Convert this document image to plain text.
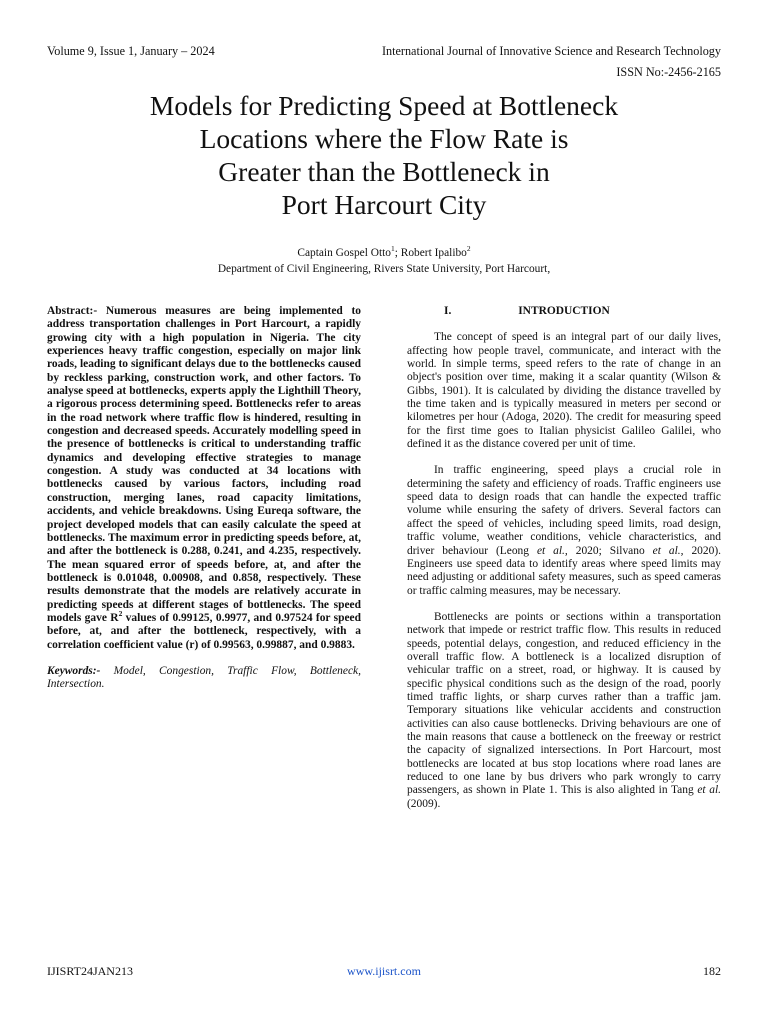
Volume 9, Issue 1, January – 2024	International Journal of Innovative Science and Research Technology
ISSN No:-2456-2165
Models for Predicting Speed at Bottleneck
Locations where the Flow Rate is
Greater than the Bottleneck in
Port Harcourt City
Captain Gospel Otto$^1$; Robert Ipalibo$^2$
Department of Civil Engineering, Rivers State University, Port Harcourt,

Abstract:- Numerous measures are being implemented to address transportation challenges in Port Harcourt, a rapidly growing city with a high population in Nigeria. The city experiences heavy traffic congestion, especially on major link roads, leading to significant delays due to the bottlenecks caused by reckless parking, construction work, and other factors. To analyse speed at bottlenecks, experts apply the Lighthill Theory, a rigorous process determining speed. Bottlenecks refer to areas in the road network where traffic flow is hindered, resulting in congestion and decreased speeds. Accurately modelling speed in the presence of bottlenecks is critical to understanding traffic dynamics and developing effective strategies to manage congestion. A study was conducted at 34 locations with bottlenecks caused by various factors, including road construction, merging lanes, road capacity limitations, accidents, and vehicle breakdowns. Using Eureqa software, the project developed models that can easily calculate the speed at bottlenecks. The maximum error in predicting speeds before, at, and after the bottleneck is 0.288, 0.241, and 4.235, respectively. The mean squared error of speeds before, at, and after the bottleneck is 0.01048, 0.00908, and 0.858, respectively. These results demonstrate that the models are relatively accurate in predicting speeds at different stages of bottlenecks. The speed models gave $R^2$ values of 0.99125, 0.9977, and 0.97524 for speed before, at, and after the bottleneck, respectively, with a correlation coefficient value (r) of 0.99563, 0.99887, and 0.9883.

Keywords:- Model, Congestion, Traffic Flow, Bottleneck, Intersection.

I.	INTRODUCTION

The concept of speed is an integral part of our daily lives, affecting how people travel, communicate, and interact with the world. In simple terms, speed refers to the rate of change in an object's position over time, making it a scalar quantity (Wilson & Gibbs, 1901). It is calculated by dividing the distance travelled by the time taken and is typically measured in meters per second or kilometres per hour (Adoga, 2020). The credit for measuring speed for the first time goes to Italian physicist Galileo Galilei, who defined it as the distance covered per unit of time.

In traffic engineering, speed plays a crucial role in determining the safety and efficiency of roads. Traffic engineers use speed data to design roads that can handle the expected traffic volume while ensuring the safety of drivers. Several factors can affect the speed of vehicles, including speed limits, road design, traffic volume, weather conditions, vehicle characteristics, and driver behaviour (Leong et al., 2020; Silvano et al., 2020). Engineers use speed data to identify areas where speed limits may need adjusting or additional safety measures, such as speed cameras or traffic calming measures, may be necessary.

Bottlenecks are points or sections within a transportation network that impede or restrict traffic flow. This results in reduced speeds, potential delays, congestion, and reduced efficiency in the overall traffic flow. A bottleneck is a localized disruption of vehicular traffic on a street, road, or highway. It is caused by specific physical conditions such as the design of the road, poorly timed traffic lights, or sharp curves rather than a traffic jam. Temporary situations like vehicular accidents and construction activities can also cause bottlenecks. Driving behaviours are one of the main reasons that cause a bottleneck on the freeway or restrict the capacity of signalized intersections. In Port Harcourt, most bottlenecks are located at bus stop locations where road lanes are reduced to one lane by bus drivers who park wrongly to carry passengers, as shown in Plate 1. This is also alighted in Tang et al. (2009).

IJISRT24JAN213	www.ijisrt.com	182
